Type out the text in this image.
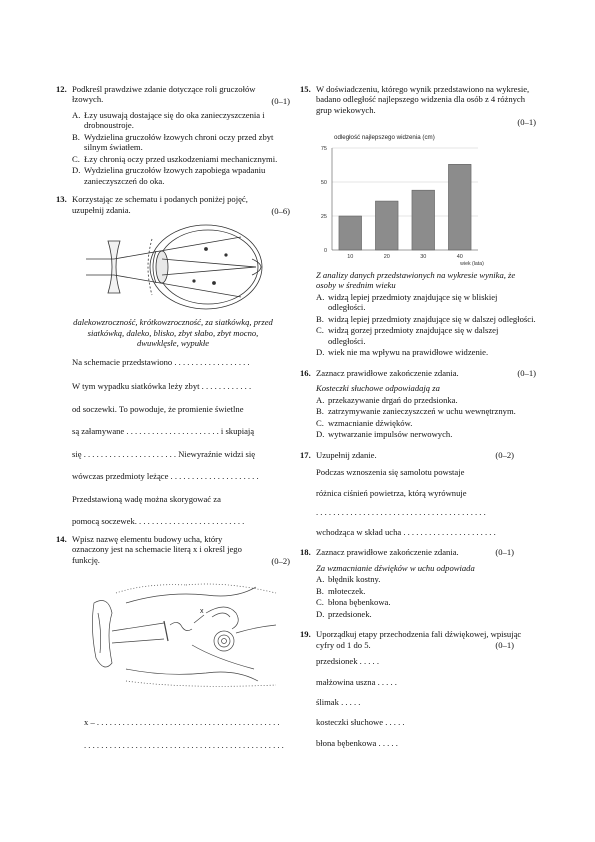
12. Podkreśl prawdziwe zdanie dotyczące roli gruczołów łzowych.	(0–1)
A. Łzy usuwają dostające się do oka zanieczyszczenia i drobnoustroje.
B. Wydzielina gruczołów łzowych chroni oczy przed zbyt silnym światłem.
C. Łzy chronią oczy przed uszkodzeniami mechanicznymi.
D. Wydzielina gruczołów łzowych zapobiega wpadaniu zanieczyszczeń do oka.
13. Korzystając ze schematu i podanych poniżej pojęć, uzupełnij zdania.	(0–6)
dalekowzroczność, krótkowzroczność, za siatkówką, przed siatkówką, daleko, blisko, zbyt słabo, zbyt mocno, dwuwklęsłe, wypukłe
Na schemacie przedstawiono . . . . . . . . . . . . . . . . . .
W tym wypadku siatkówka leży zbyt . . . . . . . . . . . .
od soczewki. To powoduje, że promienie świetlne
są załamywane . . . . . . . . . . . . . . . . . . . . . . i skupiają
się . . . . . . . . . . . . . . . . . . . . . . Niewyraźnie widzi się
wówczas przedmioty leżące . . . . . . . . . . . . . . . . . . . . .
Przedstawioną wadę można skorygować za
pomocą soczewek. . . . . . . . . . . . . . . . . . . . . . . . . .
14. Wpisz nazwę elementu budowy ucha, który oznaczony jest na schemacie literą x i określ jego funkcję.	(0–2)
x
x – . . . . . . . . . . . . . . . . . . . . . . . . . . . . . . . . . . . . . . . . . . .
. . . . . . . . . . . . . . . . . . . . . . . . . . . . . . . . . . . . . . . . . . . . . . .
15. W doświadczeniu, którego wynik przedstawiono na wykresie, badano odległość najlepszego widzenia dla osób z 4 różnych grup wiekowych.
(0–1)
odległość najlepszego widzenia (cm)
0
25
50
75
10	20	30	40
wiek (lata)
Z analizy danych przedstawionych na wykresie wynika, że osoby w średnim wieku
A. widzą lepiej przedmioty znajdujące się w bliskiej odległości.
B. widzą lepiej przedmioty znajdujące się w dalszej odległości.
C. widzą gorzej przedmioty znajdujące się w dalszej odległości.
D. wiek nie ma wpływu na prawidłowe widzenie.
16. Zaznacz prawidłowe zakończenie zdania.	(0–1)
Kosteczki słuchowe odpowiadają za
A. przekazywanie drgań do przedsionka.
B. zatrzymywanie zanieczyszczeń w uchu wewnętrznym.
C. wzmacnianie dźwięków.
D. wytwarzanie impulsów nerwowych.
17. Uzupełnij zdanie.	(0–2)
Podczas wznoszenia się samolotu powstaje
różnica ciśnień powietrza, którą wyrównuje
. . . . . . . . . . . . . . . . . . . . . . . . . . . . . . . . . . . . . . . .
wchodząca w skład ucha . . . . . . . . . . . . . . . . . . . . . .
18. Zaznacz prawidłowe zakończenie zdania.	(0–1)
Za wzmacnianie dźwięków w uchu odpowiada
A. błędnik kostny.
B. młoteczek.
C. błona bębenkowa.
D. przedsionek.
19. Uporządkuj etapy przechodzenia fali dźwiękowej, wpisując cyfry od 1 do 5.	(0–1)
przedsionek . . . . .
małżowina uszna . . . . .
ślimak . . . . .
kosteczki słuchowe . . . . .
błona bębenkowa . . . . .
